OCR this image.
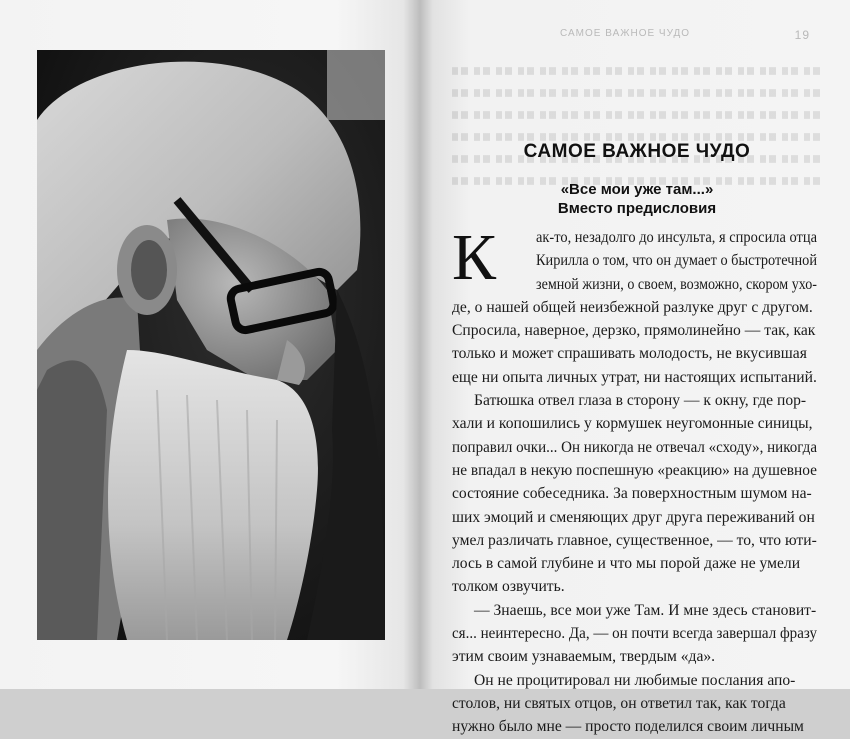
САМОЕ ВАЖНОЕ ЧУДО	19
САМОЕ ВАЖНОЕ ЧУДО
«Все мои уже там...»
Вместо предисловия
К	ак-то, незадолго до инсульта, я спросила отца
Кирилла о том, что он думает о быстротечной
земной жизни, о своем, возможно, скором ухо-
де, о нашей общей неизбежной разлуке друг с другом.
Спросила, наверное, дерзко, прямолинейно — так, как
только и может спрашивать молодость, не вкусившая
еще ни опыта личных утрат, ни настоящих испытаний.
Батюшка отвел глаза в сторону — к окну, где пор-
хали и копошились у кормушек неугомонные синицы,
поправил очки... Он никогда не отвечал «сходу», никогда
не впадал в некую поспешную «реакцию» на душевное
состояние собеседника. За поверхностным шумом на-
ших эмоций и сменяющих друг друга переживаний он
умел различать главное, существенное, — то, что юти-
лось в самой глубине и что мы порой даже не умели
толком озвучить.
— Знаешь, все мои уже Там. И мне здесь становит-
ся... неинтересно. Да, — он почти всегда завершал фразу
этим своим узнаваемым, твердым «да».
Он не процитировал ни любимые послания апо-
столов, ни святых отцов, он ответил так, как тогда
нужно было мне — просто поделился своим личным
